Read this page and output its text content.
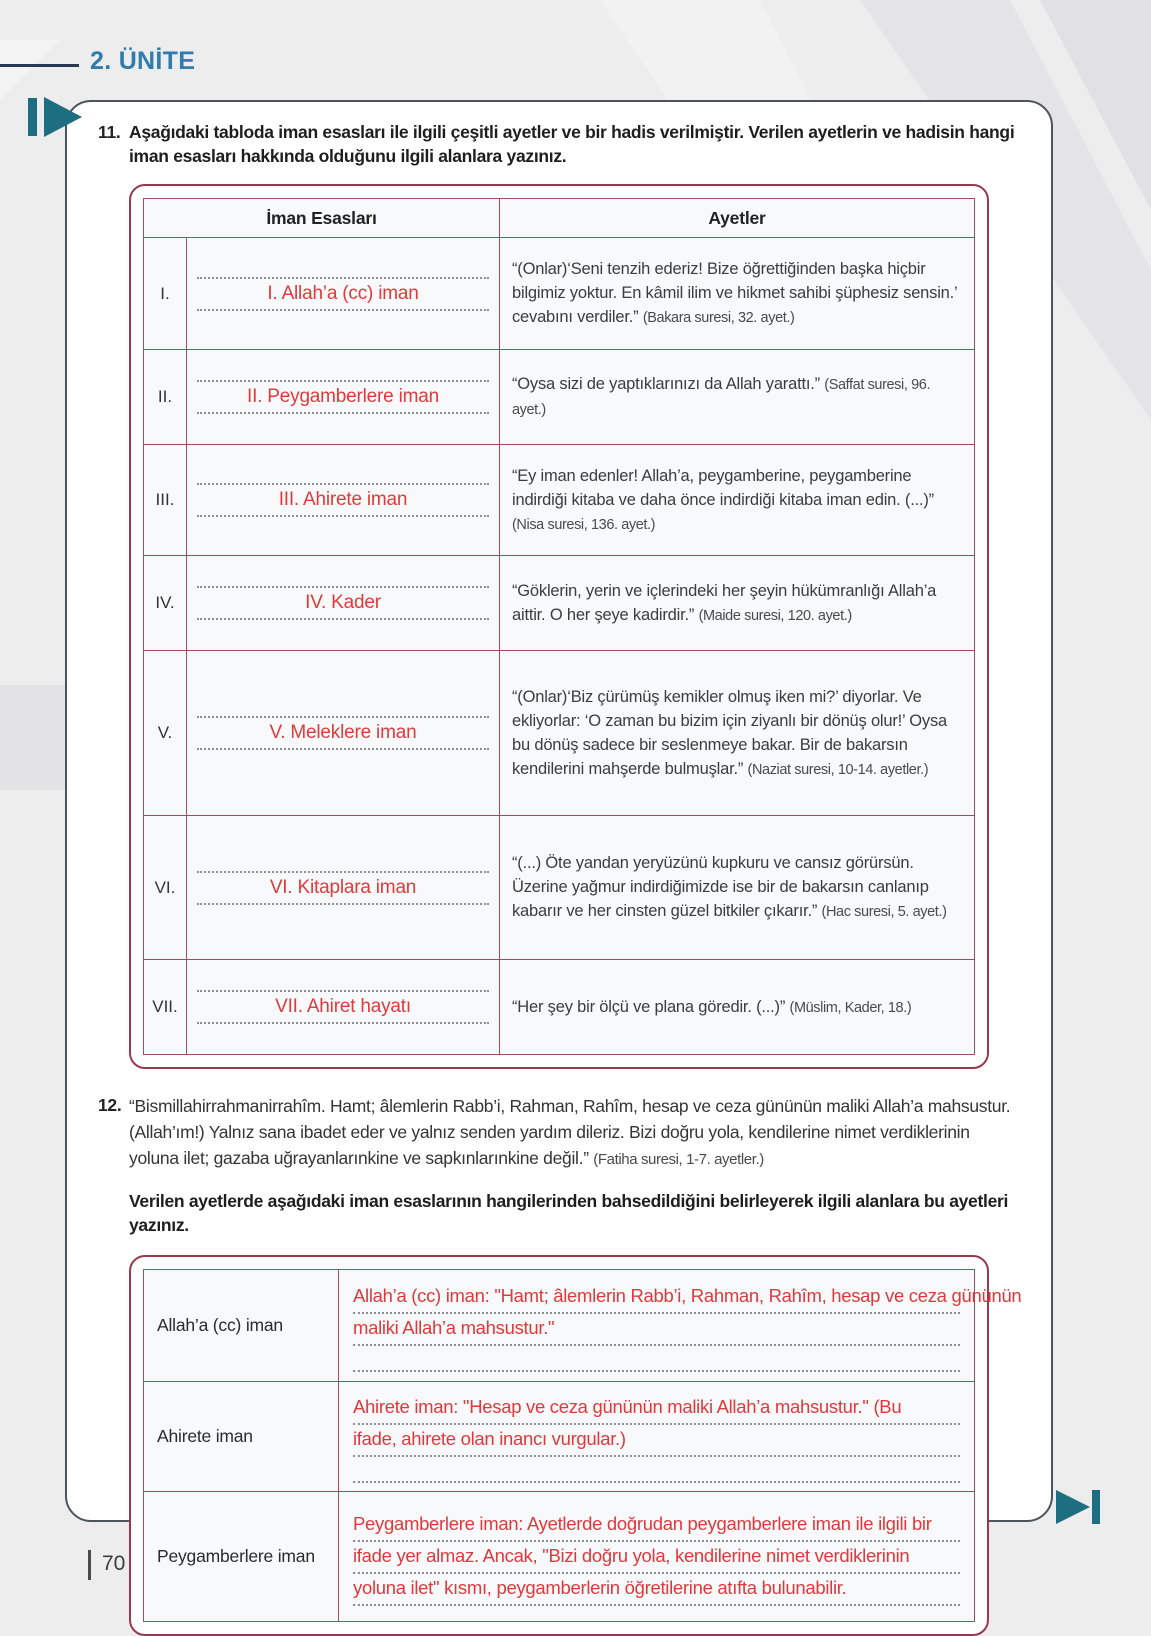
2. ÜNİTE
11. Aşağıdaki tabloda iman esasları ile ilgili çeşitli ayetler ve bir hadis verilmiştir. Verilen ayetlerin ve hadisin hangi iman esasları hakkında olduğunu ilgili alanlara yazınız.
İman Esasları		Ayetler
I.	I. Allah’a (cc) iman	“(Onlar)‘Seni tenzih ederiz! Bize öğrettiğinden başka hiçbir bilgimiz yoktur. En kâmil ilim ve hikmet sahibi şüphesiz sensin.’ cevabını verdiler.” (Bakara suresi, 32. ayet.)
II.	II. Peygamberlere iman	“Oysa sizi de yaptıklarınızı da Allah yarattı.” (Saffat suresi, 96. ayet.)
III.	III. Ahirete iman	“Ey iman edenler! Allah’a, peygamberine, peygamberine indirdiği kitaba ve daha önce indirdiği kitaba iman edin. (...)” (Nisa suresi, 136. ayet.)
IV.	IV. Kader	“Göklerin, yerin ve içlerindeki her şeyin hükümranlığı Allah’a aittir. O her şeye kadirdir.” (Maide suresi, 120. ayet.)
V.	V. Meleklere iman	“(Onlar)‘Biz çürümüş kemikler olmuş iken mi?’ diyorlar. Ve ekliyorlar: ‘O zaman bu bizim için ziyanlı bir dönüş olur!’ Oysa bu dönüş sadece bir seslenmeye bakar. Bir de bakarsın kendilerini mahşerde bulmuşlar.” (Naziat suresi, 10-14. ayetler.)
VI.	VI. Kitaplara iman	“(...) Öte yandan yeryüzünü kupkuru ve cansız görürsün. Üzerine yağmur indirdiğimizde ise bir de bakarsın canlanıp kabarır ve her cinsten güzel bitkiler çıkarır.” (Hac suresi, 5. ayet.)
VII.	VII. Ahiret hayatı	“Her şey bir ölçü ve plana göredir. (...)” (Müslim, Kader, 18.)
12. “Bismillahirrahmanirrahîm. Hamt; âlemlerin Rabb’i, Rahman, Rahîm, hesap ve ceza gününün maliki Allah’a mahsustur. (Allah’ım!) Yalnız sana ibadet eder ve yalnız senden yardım dileriz. Bizi doğru yola, kendilerine nimet verdiklerinin yoluna ilet; gazaba uğrayanlarınkine ve sapkınlarınkine değil.” (Fatiha suresi, 1-7. ayetler.)
Verilen ayetlerde aşağıdaki iman esaslarının hangilerinden bahsedildiğini belirleyerek ilgili alanlara bu ayetleri yazınız.
Allah’a (cc) iman	Allah’a (cc) iman: "Hamt; âlemlerin Rabb’i, Rahman, Rahîm, hesap ve ceza gününün
maliki Allah’a mahsustur."

Ahirete iman	Ahirete iman: "Hesap ve ceza gününün maliki Allah’a mahsustur." (Bu
ifade, ahirete olan inancı vurgular.)

Peygamberlere iman	Peygamberlere iman: Ayetlerde doğrudan peygamberlere iman ile ilgili bir
ifade yer almaz. Ancak, "Bizi doğru yola, kendilerine nimet verdiklerinin
yoluna ilet" kısmı, peygamberlerin öğretilerine atıfta bulunabilir.
70
